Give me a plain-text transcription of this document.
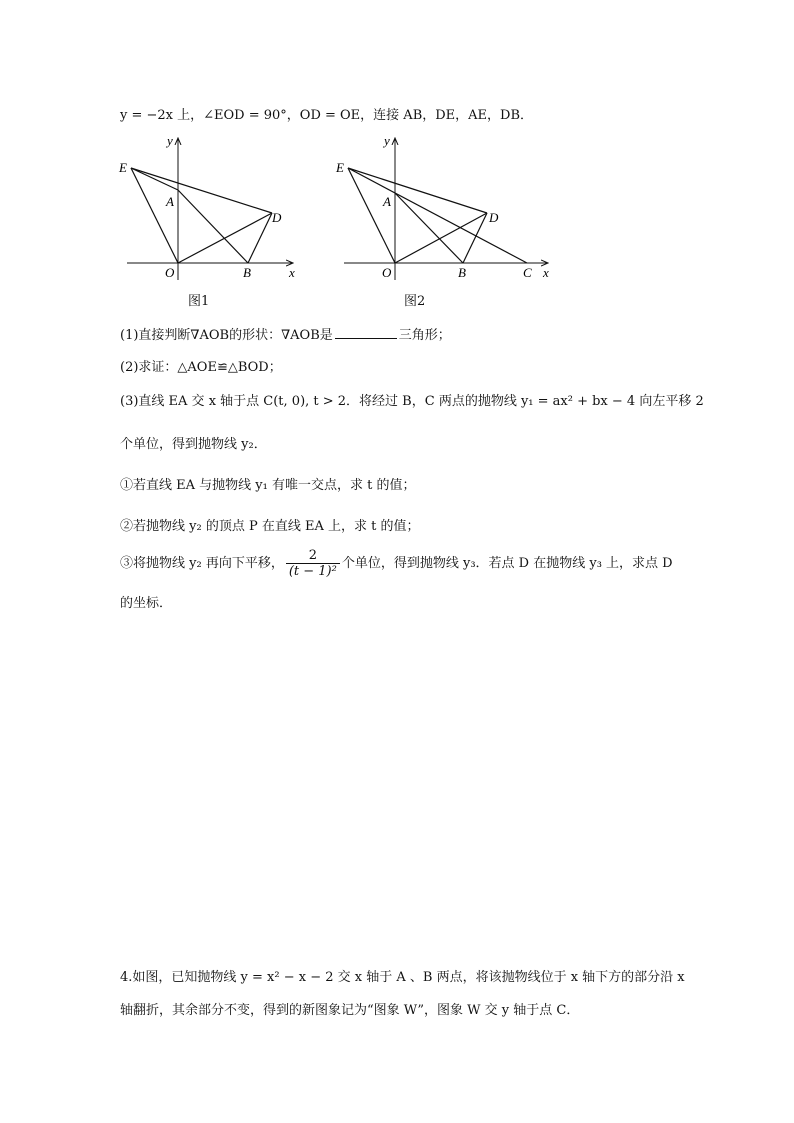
y = −2x 上，∠EOD = 90°，OD = OE，连接 AB，DE，AE，DB．
E
A
D
O	B	x
y
图1
E
A
D
O	B	C x
y
图2
(1)直接判断∇AOB的形状：∇AOB是	三角形；
(2)求证：△AOE≌△BOD；
(3)直线 EA 交 x 轴于点 C(t, 0), t > 2．将经过 B，C 两点的抛物线 y₁ = ax² + bx − 4 向左平移 2
个单位，得到抛物线 y₂．
①若直线 EA 与抛物线 y₁ 有唯一交点，求 t 的值；
②若抛物线 y₂ 的顶点 P 在直线 EA 上，求 t 的值；
③将抛物线 y₂ 再向下平移， $\frac{2}{\text{(t − 1)²}}$ 个单位，得到抛物线 y₃．若点 D 在抛物线 y₃ 上，求点 D
的坐标．
4.如图，已知抛物线 y = x² − x − 2 交 x 轴于 A 、B 两点，将该抛物线位于 x 轴下方的部分沿 x
轴翻折，其余部分不变，得到的新图象记为“图象 W”，图象 W 交 y 轴于点 C．
